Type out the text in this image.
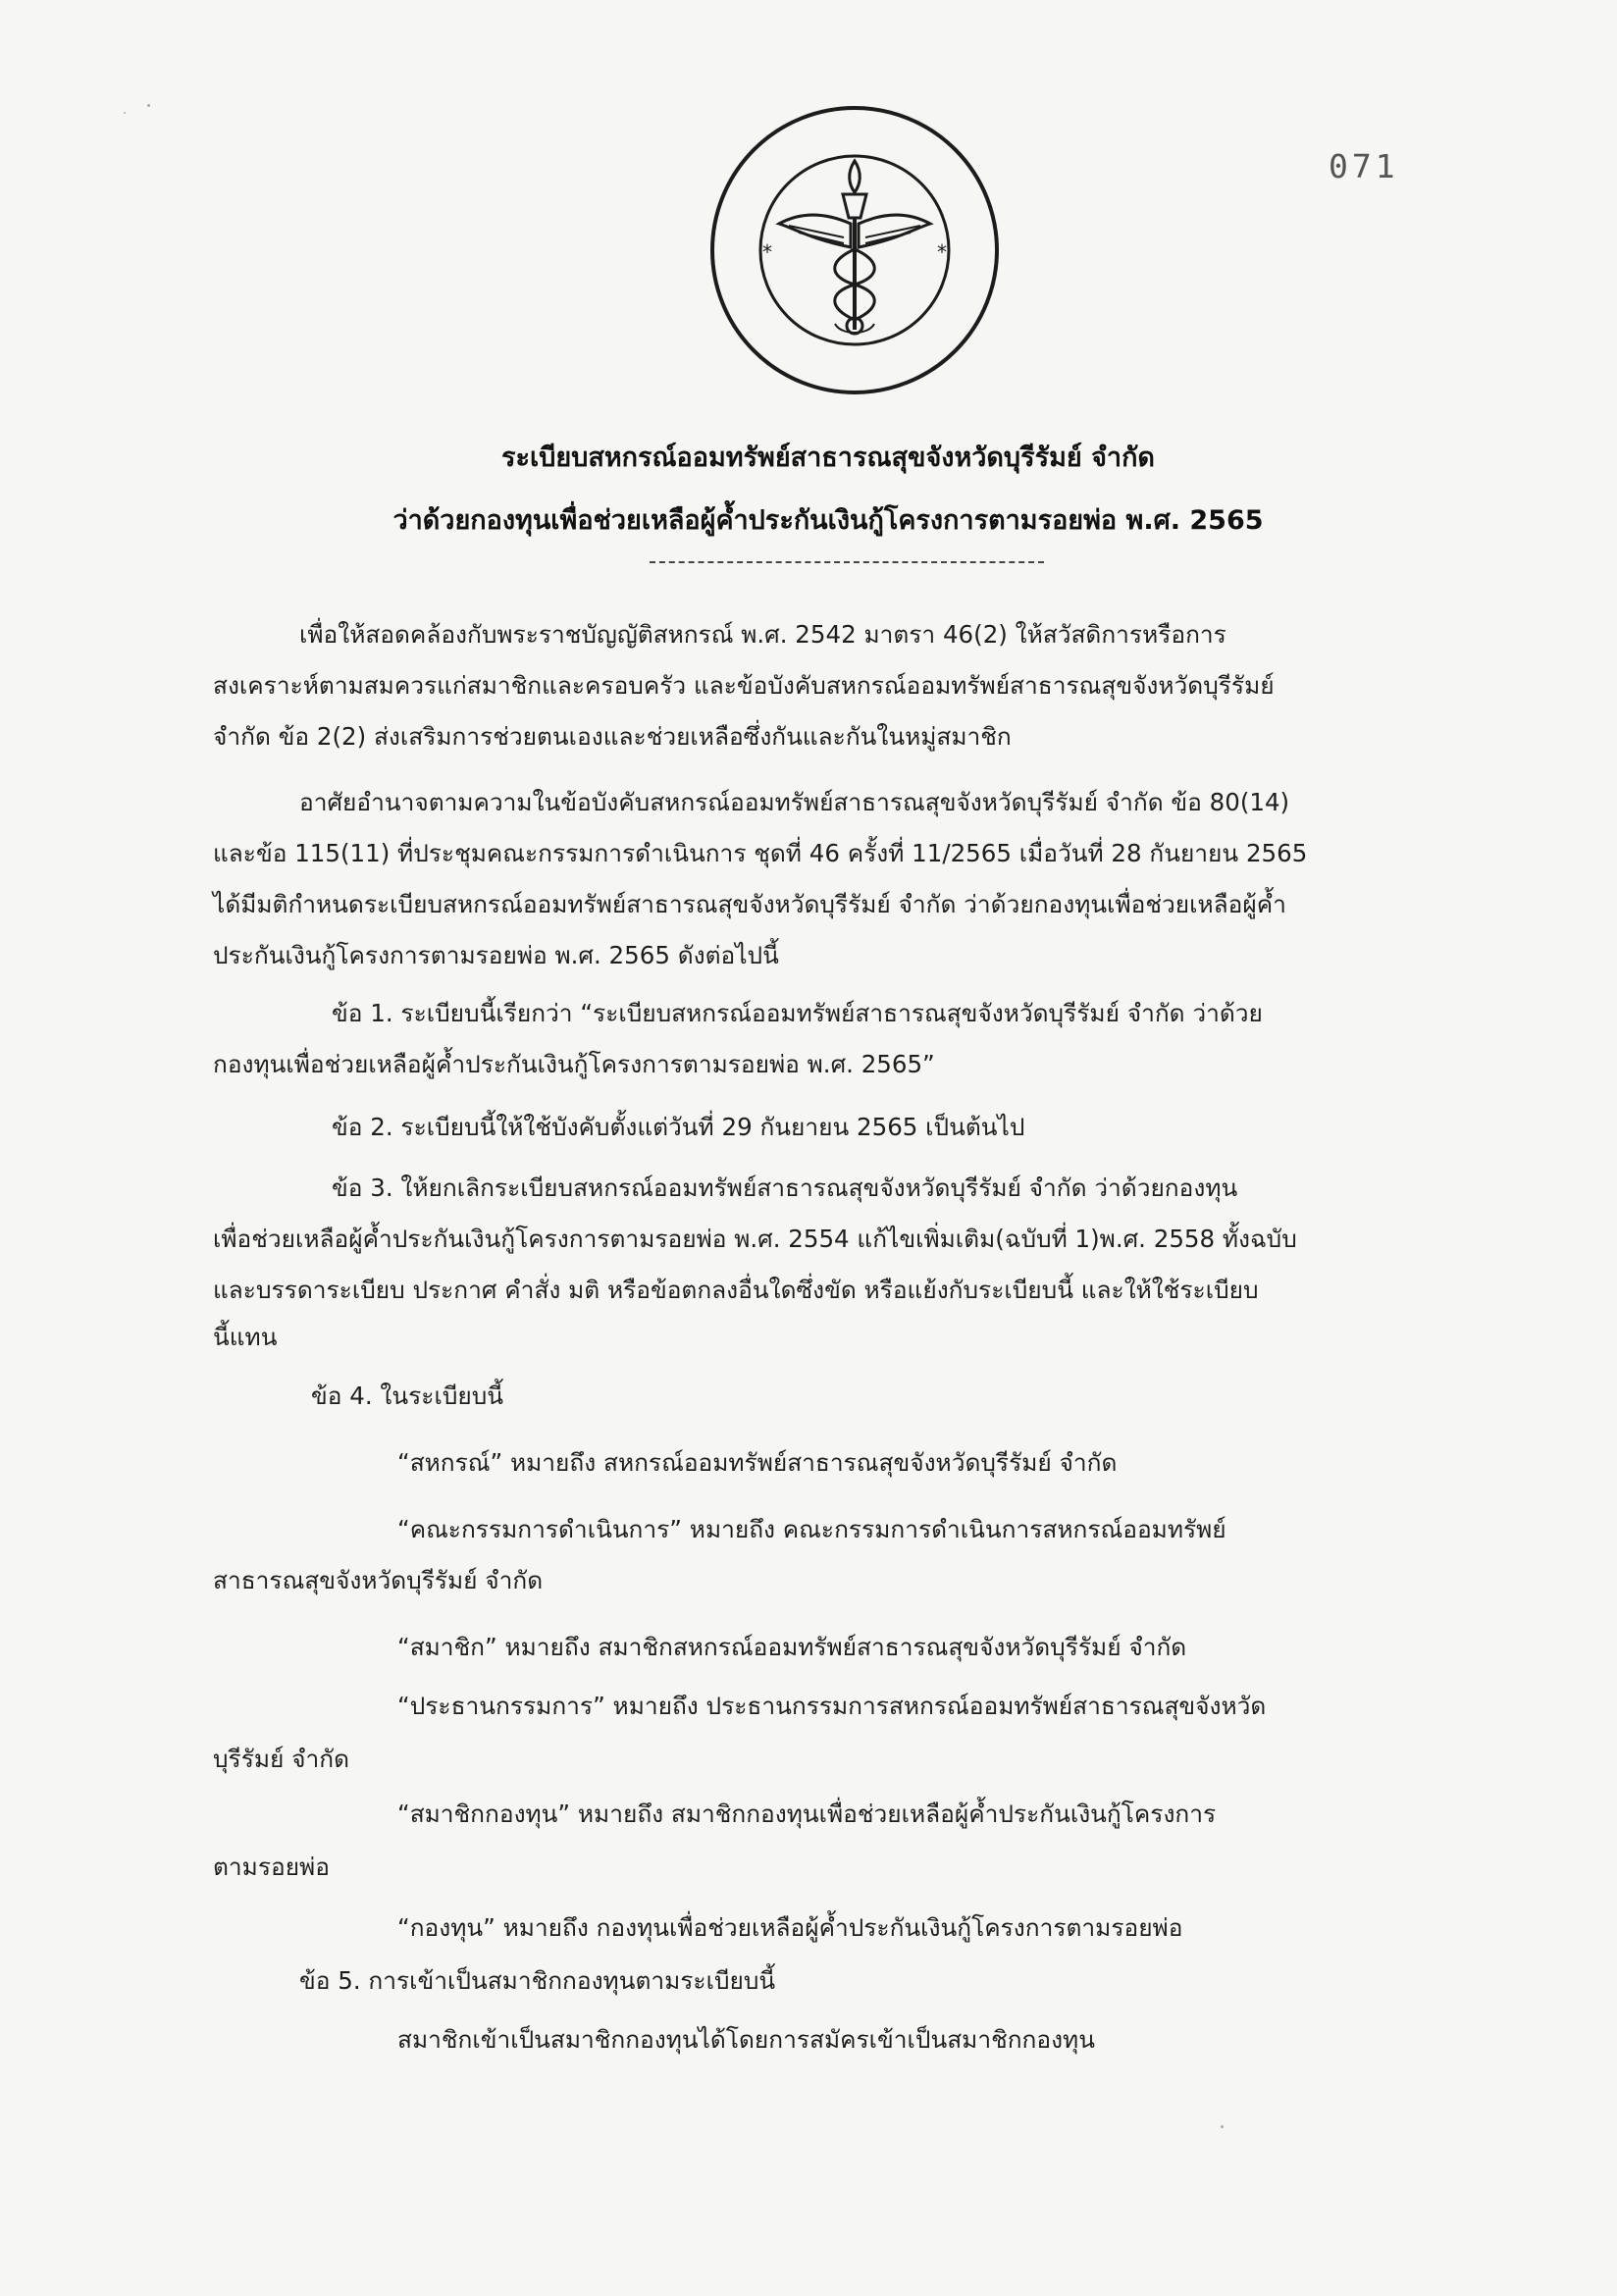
*	*
071
ระเบียบสหกรณ์ออมทรัพย์สาธารณสุขจังหวัดบุรีรัมย์ จำกัด
ว่าด้วยกองทุนเพื่อช่วยเหลือผู้ค้ำประกันเงินกู้โครงการตามรอยพ่อ พ.ศ. 2565
เพื่อให้สอดคล้องกับพระราชบัญญัติสหกรณ์ พ.ศ. 2542 มาตรา 46(2) ให้สวัสดิการหรือการ
สงเคราะห์ตามสมควรแก่สมาชิกและครอบครัว และข้อบังคับสหกรณ์ออมทรัพย์สาธารณสุขจังหวัดบุรีรัมย์
จำกัด ข้อ 2(2) ส่งเสริมการช่วยตนเองและช่วยเหลือซึ่งกันและกันในหมู่สมาชิก
อาศัยอำนาจตามความในข้อบังคับสหกรณ์ออมทรัพย์สาธารณสุขจังหวัดบุรีรัมย์ จำกัด ข้อ 80(14)
และข้อ 115(11) ที่ประชุมคณะกรรมการดำเนินการ ชุดที่ 46 ครั้งที่ 11/2565 เมื่อวันที่ 28 กันยายน 2565
ได้มีมติกำหนดระเบียบสหกรณ์ออมทรัพย์สาธารณสุขจังหวัดบุรีรัมย์ จำกัด ว่าด้วยกองทุนเพื่อช่วยเหลือผู้ค้ำ
ประกันเงินกู้โครงการตามรอยพ่อ พ.ศ. 2565 ดังต่อไปนี้
ข้อ 1. ระเบียบนี้เรียกว่า “ระเบียบสหกรณ์ออมทรัพย์สาธารณสุขจังหวัดบุรีรัมย์ จำกัด ว่าด้วย
กองทุนเพื่อช่วยเหลือผู้ค้ำประกันเงินกู้โครงการตามรอยพ่อ พ.ศ. 2565”
ข้อ 2. ระเบียบนี้ให้ใช้บังคับตั้งแต่วันที่ 29 กันยายน 2565 เป็นต้นไป
ข้อ 3. ให้ยกเลิกระเบียบสหกรณ์ออมทรัพย์สาธารณสุขจังหวัดบุรีรัมย์ จำกัด ว่าด้วยกองทุน
เพื่อช่วยเหลือผู้ค้ำประกันเงินกู้โครงการตามรอยพ่อ พ.ศ. 2554 แก้ไขเพิ่มเติม(ฉบับที่ 1)พ.ศ. 2558 ทั้งฉบับ
และบรรดาระเบียบ ประกาศ คำสั่ง มติ หรือข้อตกลงอื่นใดซึ่งขัด หรือแย้งกับระเบียบนี้ และให้ใช้ระเบียบ
นี้แทน
ข้อ 4. ในระเบียบนี้
“สหกรณ์” หมายถึง สหกรณ์ออมทรัพย์สาธารณสุขจังหวัดบุรีรัมย์ จำกัด
“คณะกรรมการดำเนินการ” หมายถึง คณะกรรมการดำเนินการสหกรณ์ออมทรัพย์
สาธารณสุขจังหวัดบุรีรัมย์ จำกัด
“สมาชิก” หมายถึง สมาชิกสหกรณ์ออมทรัพย์สาธารณสุขจังหวัดบุรีรัมย์ จำกัด
“ประธานกรรมการ” หมายถึง ประธานกรรมการสหกรณ์ออมทรัพย์สาธารณสุขจังหวัด
บุรีรัมย์ จำกัด
“สมาชิกกองทุน” หมายถึง สมาชิกกองทุนเพื่อช่วยเหลือผู้ค้ำประกันเงินกู้โครงการ
ตามรอยพ่อ
“กองทุน” หมายถึง กองทุนเพื่อช่วยเหลือผู้ค้ำประกันเงินกู้โครงการตามรอยพ่อ
ข้อ 5. การเข้าเป็นสมาชิกกองทุนตามระเบียบนี้
สมาชิกเข้าเป็นสมาชิกกองทุนได้โดยการสมัครเข้าเป็นสมาชิกกองทุน
